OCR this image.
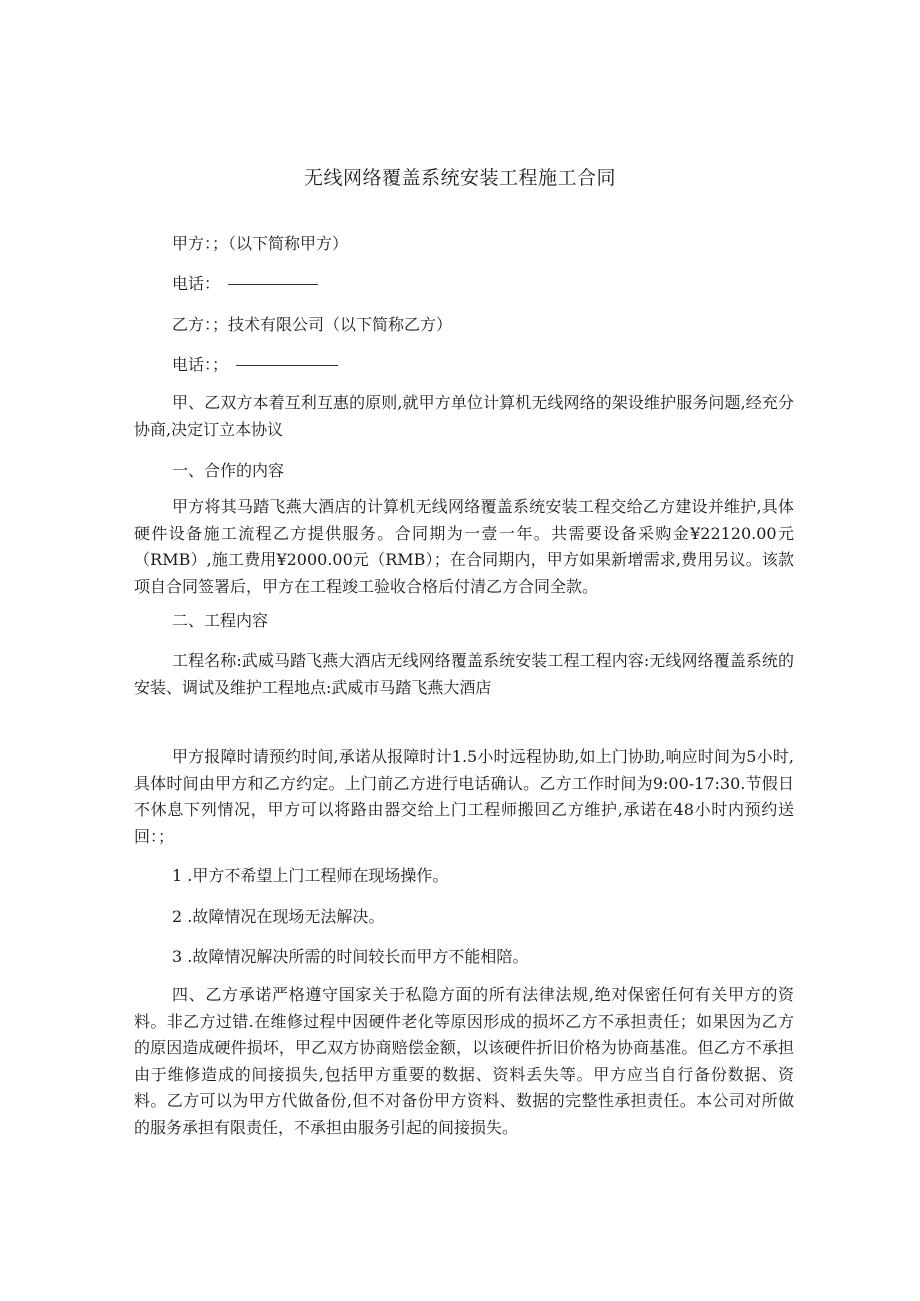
无线网络覆盖系统安装工程施工合同
甲方：；（以下简称甲方）
电话：
乙方：；技术有限公司（以下简称乙方）
电话：；
甲、乙双方本着互利互惠的原则,就甲方单位计算机无线网络的架设维护服务问题,经充分协商,决定订立本协议
一、合作的内容
甲方将其马踏飞燕大酒店的计算机无线网络覆盖系统安装工程交给乙方建设并维护,具体硬件设备施工流程乙方提供服务。合同期为一壹一年。共需要设备采购金¥22120.00元（RMB）,施工费用¥2000.00元（RMB）；在合同期内，甲方如果新增需求,费用另议。该款项自合同签署后，甲方在工程竣工验收合格后付清乙方合同全款。
二、工程内容
工程名称:武威马踏飞燕大酒店无线网络覆盖系统安装工程工程内容:无线网络覆盖系统的安装、调试及维护工程地点:武威市马踏飞燕大酒店
甲方报障时请预约时间,承诺从报障时计1.5小时远程协助,如上门协助,响应时间为5小时,具体时间由甲方和乙方约定。上门前乙方进行电话确认。乙方工作时间为9:00-17:30.节假日不休息下列情况，甲方可以将路由器交给上门工程师搬回乙方维护,承诺在48小时内预约送回：；
1 .甲方不希望上门工程师在现场操作。
2 .故障情况在现场无法解决。
3 .故障情况解决所需的时间较长而甲方不能相陪。
四、乙方承诺严格遵守国家关于私隐方面的所有法律法规,绝对保密任何有关甲方的资料。非乙方过错.在维修过程中因硬件老化等原因形成的损坏乙方不承担责任；如果因为乙方的原因造成硬件损坏，甲乙双方协商赔偿金额，以该硬件折旧价格为协商基准。但乙方不承担由于维修造成的间接损失,包括甲方重要的数据、资料丢失等。甲方应当自行备份数据、资料。乙方可以为甲方代做备份,但不对备份甲方资料、数据的完整性承担责任。本公司对所做的服务承担有限责任，不承担由服务引起的间接损失。
